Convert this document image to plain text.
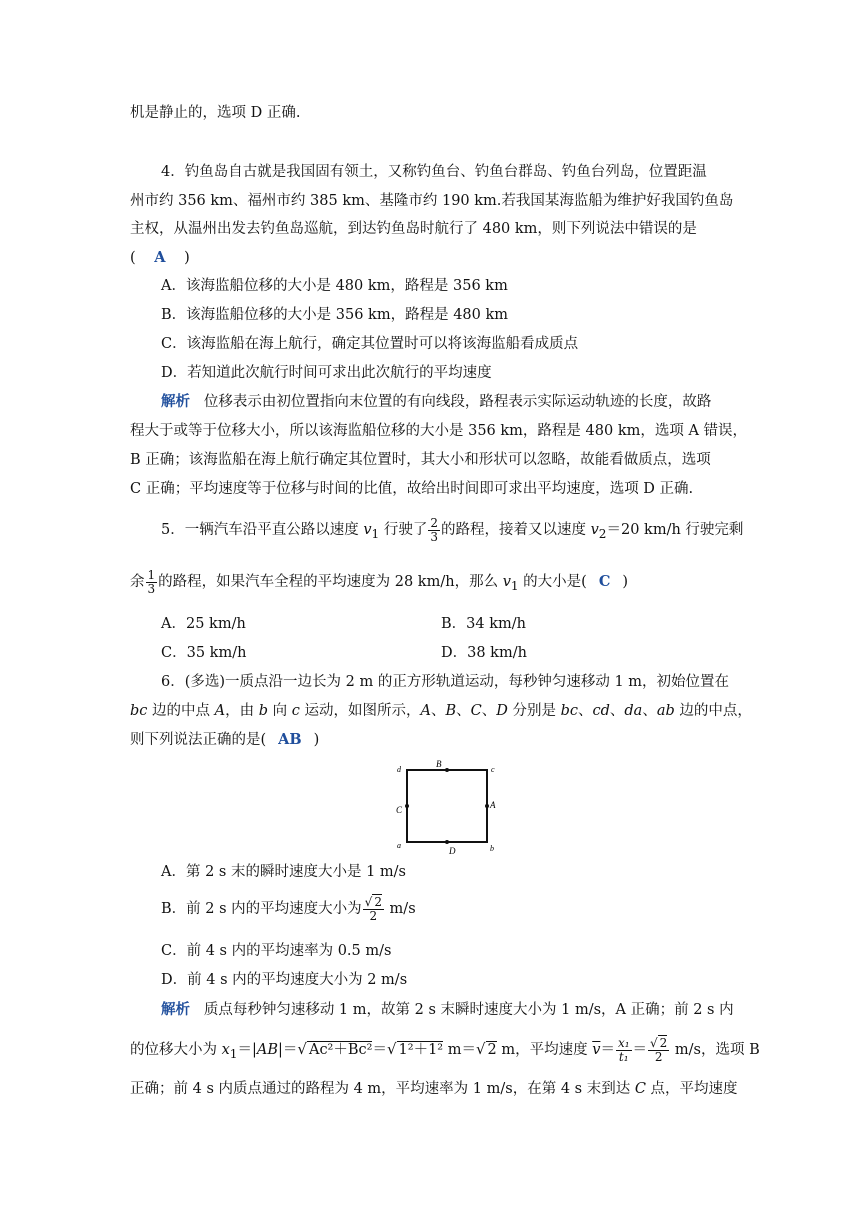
机是静止的，选项 D 正确.
4．钓鱼岛自古就是我国固有领土，又称钓鱼台、钓鱼台群岛、钓鱼台列岛，位置距温
州市约 356 km、福州市约 385 km、基隆市约 190 km.若我国某海监船为维护好我国钓鱼岛
主权，从温州出发去钓鱼岛巡航，到达钓鱼岛时航行了 480 km，则下列说法中错误的是
( A )
A．该海监船位移的大小是 480 km，路程是 356 km
B．该海监船位移的大小是 356 km，路程是 480 km
C．该海监船在海上航行，确定其位置时可以将该海监船看成质点
D．若知道此次航行时间可求出此次航行的平均速度
解析 位移表示由初位置指向末位置的有向线段，路程表示实际运动轨迹的长度，故路
程大于或等于位移大小，所以该海监船位移的大小是 356 km，路程是 480 km，选项 A 错误，
B 正确；该海监船在海上航行确定其位置时，其大小和形状可以忽略，故能看做质点，选项
C 正确；平均速度等于位移与时间的比值，故给出时间即可求出平均速度，选项 D 正确.
5．一辆汽车沿平直公路以速度 $v_1$ 行驶了 $\frac{2}{3}$ 的路程，接着又以速度 $v_2=20$ km/h 行驶完剩
余 $\frac{1}{3}$ 的路程，如果汽车全程的平均速度为 28 km/h，那么 $v_1$ 的大小是( C )
A．25 km/h	B．34 km/h
C．35 km/h	D．38 km/h
6．(多选)一质点沿一边长为 2 m 的正方形轨道运动，每秒钟匀速移动 1 m，初始位置在
bc 边的中点 A，由 b 向 c 运动，如图所示，A、B、C、D 分别是 bc、cd、da、ab 边的中点，
则下列说法正确的是( AB )
d
B
c
C	A
a
D	b
A．第 2 s 末的瞬时速度大小是 1 m/s
B．前 2 s 内的平均速度大小为 $\frac{√ 2}{2} m/s$
C．前 4 s 内的平均速率为 0.5 m/s
D．前 4 s 内的平均速度大小为 2 m/s
解析 质点每秒钟匀速移动 1 m，故第 2 s 末瞬时速度大小为 1 m/s，A 正确；前 2 s 内
的位移大小为 $x_1=|AB|=√$ Ac²＋Bc²＝√ 1²＋1² m＝√ 2 m，平均速度 $\overline{v}= \frac{\text{x₁}}{\text{t₁}} = \frac{√ 2}{2} m/s$，选项 B
正确；前 4 s 内质点通过的路程为 4 m，平均速率为 1 m/s，在第 4 s 末到达 C 点，平均速度
